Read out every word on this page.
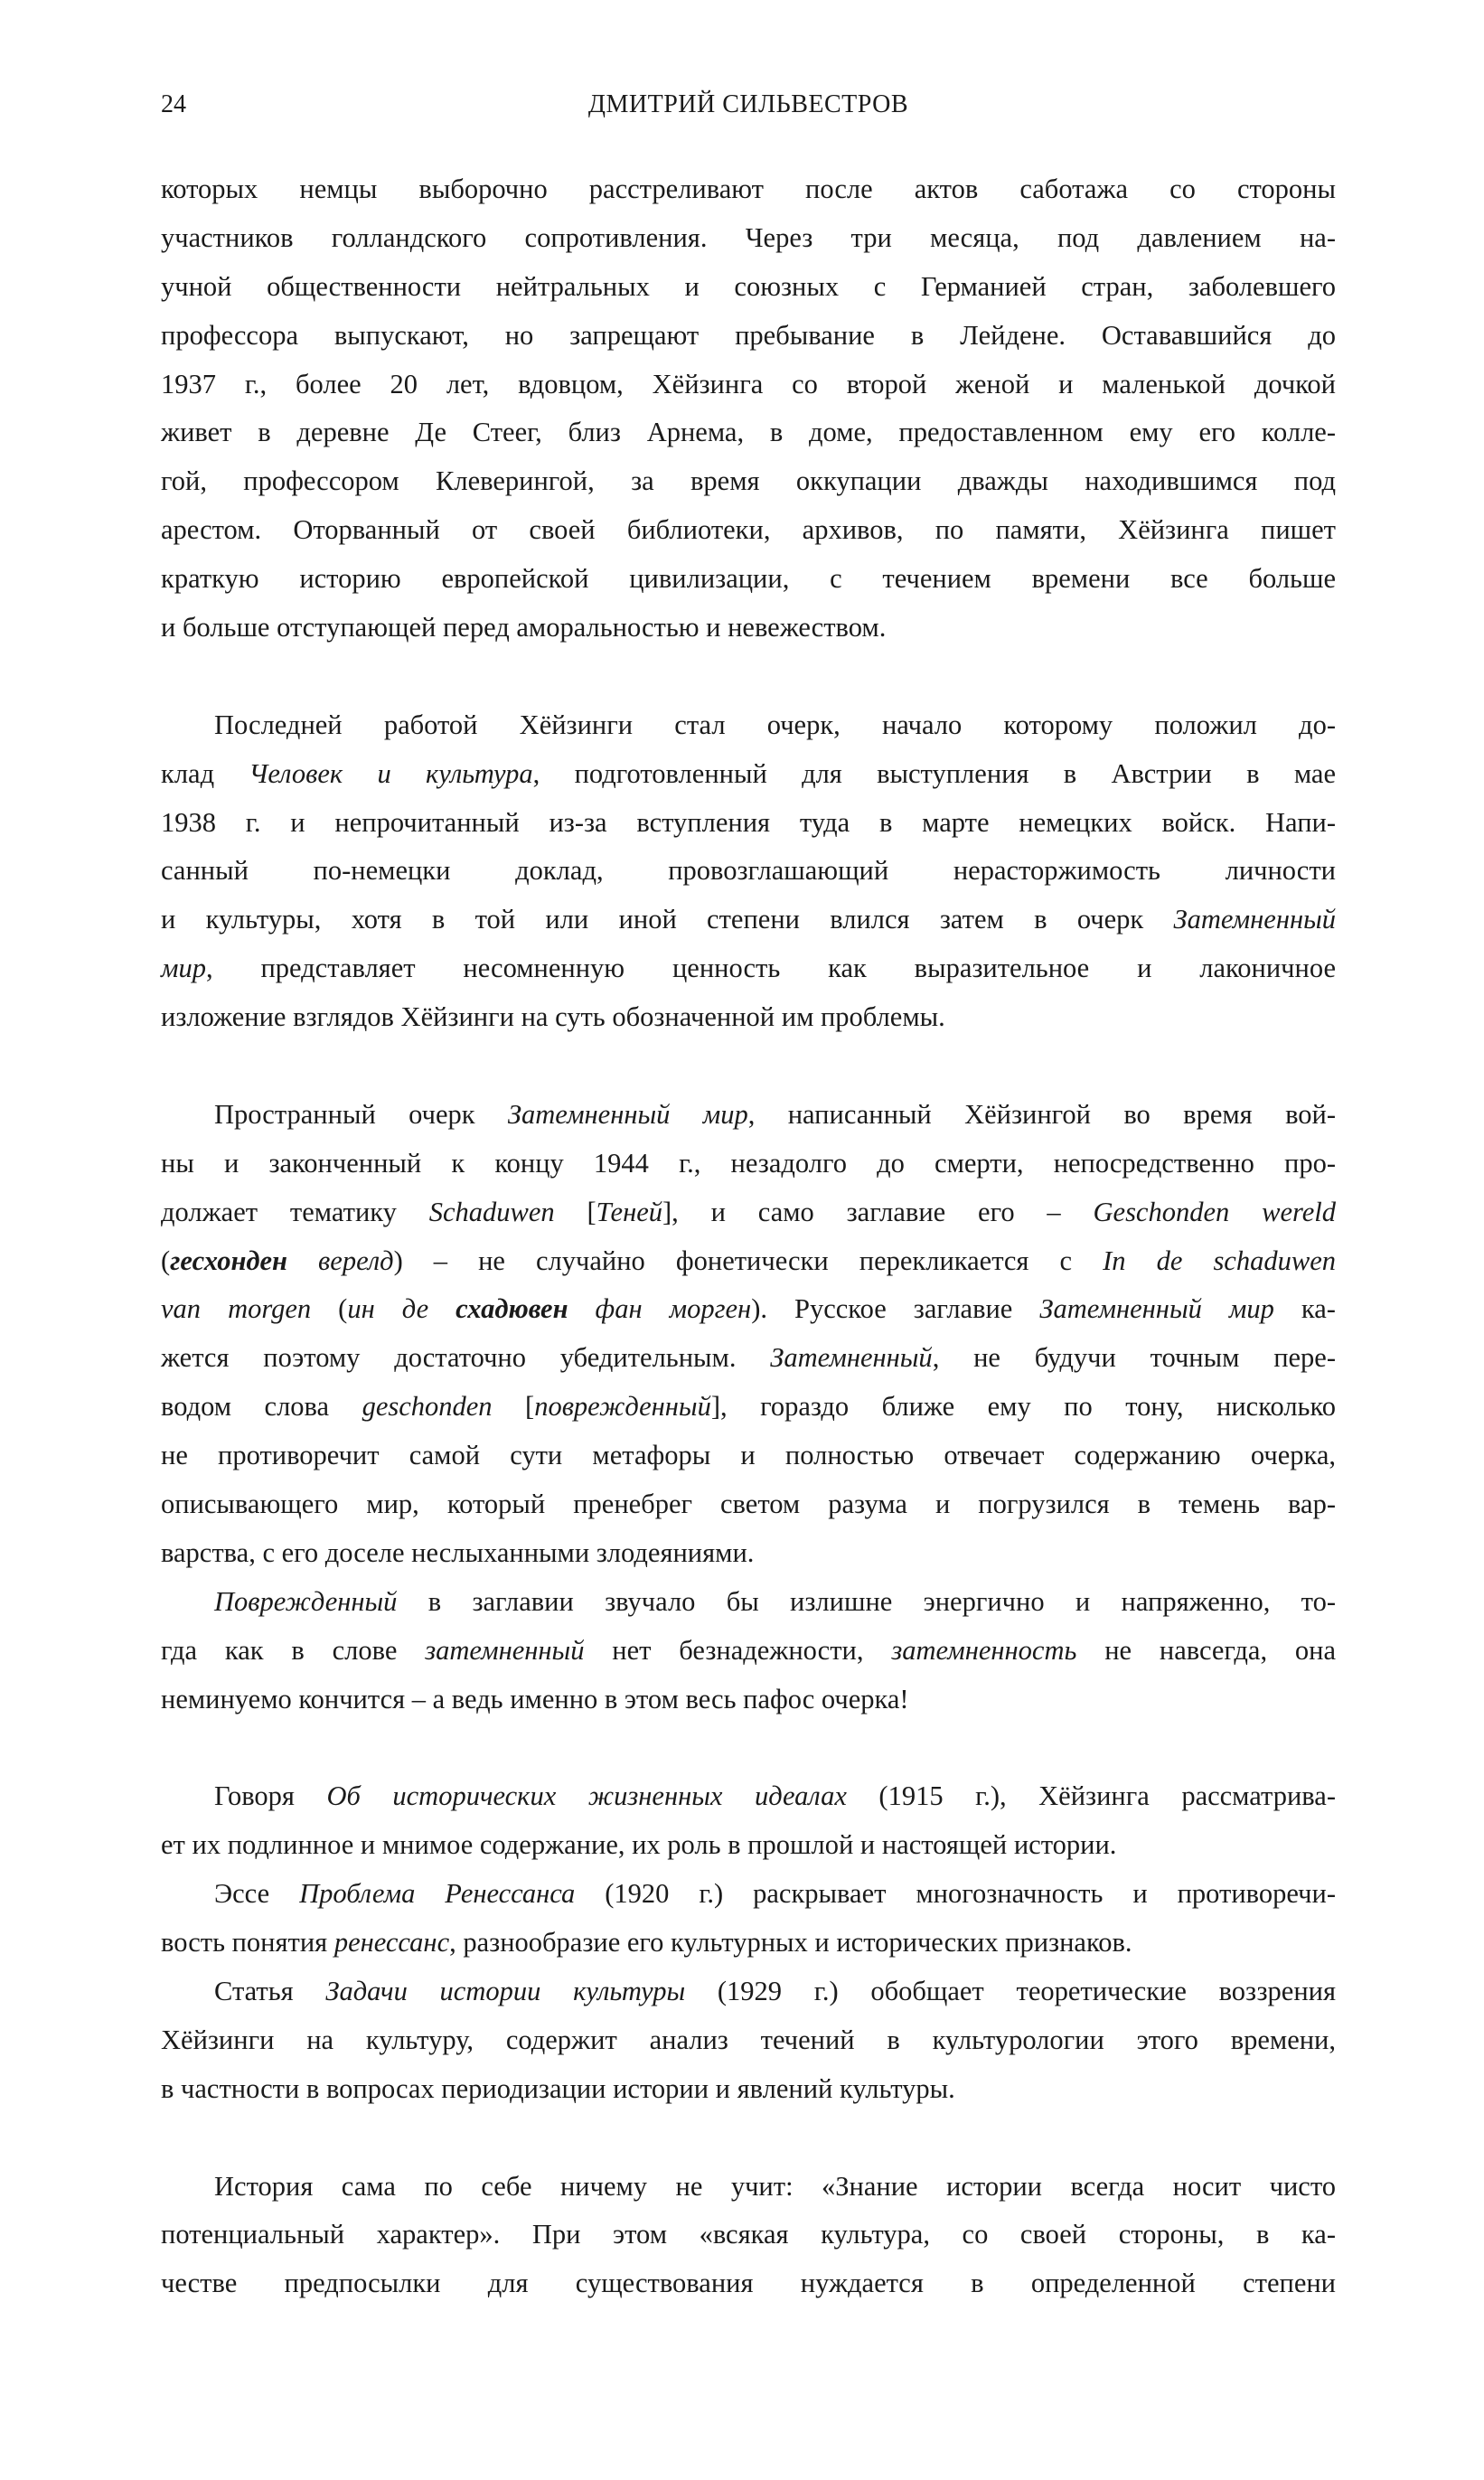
24	ДМИТРИЙ СИЛЬВЕСТРОВ
которых немцы выборочно расстреливают после актов саботажа со стороны
участников голландского сопротивления. Через три месяца, под давлением на-
учной общественности нейтральных и союзных с Германией стран, заболевшего
профессора выпускают, но запрещают пребывание в Лейдене. Остававшийся до
1937 г., более 20 лет, вдовцом, Хёйзинга со второй женой и маленькой дочкой
живет в деревне Де Стеег, близ Арнема, в доме, предоставленном ему его колле-
гой, профессором Клеверингой, за время оккупации дважды находившимся под
арестом. Оторванный от своей библиотеки, архивов, по памяти, Хёйзинга пишет
краткую историю европейской цивилизации, с течением времени все больше
и больше отступающей перед аморальностью и невежеством.
Последней работой Хёйзинги стал очерк, начало которому положил до-
клад Человек и культура, подготовленный для выступления в Австрии в мае
1938 г. и непрочитанный из-за вступления туда в марте немецких войск. Напи-
санный по-немецки доклад, провозглашающий нерасторжимость личности
и культуры, хотя в той или иной степени влился затем в очерк Затемненный
мир, представляет несомненную ценность как выразительное и лаконичное
изложение взглядов Хёйзинги на суть обозначенной им проблемы.
Пространный очерк Затемненный мир, написанный Хёйзингой во время вой-
ны и законченный к концу 1944 г., незадолго до смерти, непосредственно про-
должает тематику Schaduwen [Теней], и само заглавие его – Geschonden wereld
(гесхонден верелд) – не случайно фонетически перекликается с In de schaduwen
van morgen (ин де схадювен фан морген). Русское заглавие Затемненный мир ка-
жется поэтому достаточно убедительным. Затемненный, не будучи точным пере-
водом слова geschonden [поврежденный], гораздо ближе ему по тону, нисколько
не противоречит самой сути метафоры и полностью отвечает содержанию очерка,
описывающего мир, который пренебрег светом разума и погрузился в темень вар-
варства, с его доселе неслыханными злодеяниями.
Поврежденный в заглавии звучало бы излишне энергично и напряженно, то-
гда как в слове затемненный нет безнадежности, затемненность не навсегда, она
неминуемо кончится – а ведь именно в этом весь пафос очерка!
Говоря Об исторических жизненных идеалах (1915 г.), Хёйзинга рассматрива-
ет их подлинное и мнимое содержание, их роль в прошлой и настоящей истории.
Эссе Проблема Ренессанса (1920 г.) раскрывает многозначность и противоречи-
вость понятия ренессанс, разнообразие его культурных и исторических признаков.
Статья Задачи истории культуры (1929 г.) обобщает теоретические воззрения
Хёйзинги на культуру, содержит анализ течений в культурологии этого времени,
в частности в вопросах периодизации истории и явлений культуры.
История сама по себе ничему не учит: «Знание истории всегда носит чисто
потенциальный характер». При этом «всякая культура, со своей стороны, в ка-
честве предпосылки для существования нуждается в определенной степени
